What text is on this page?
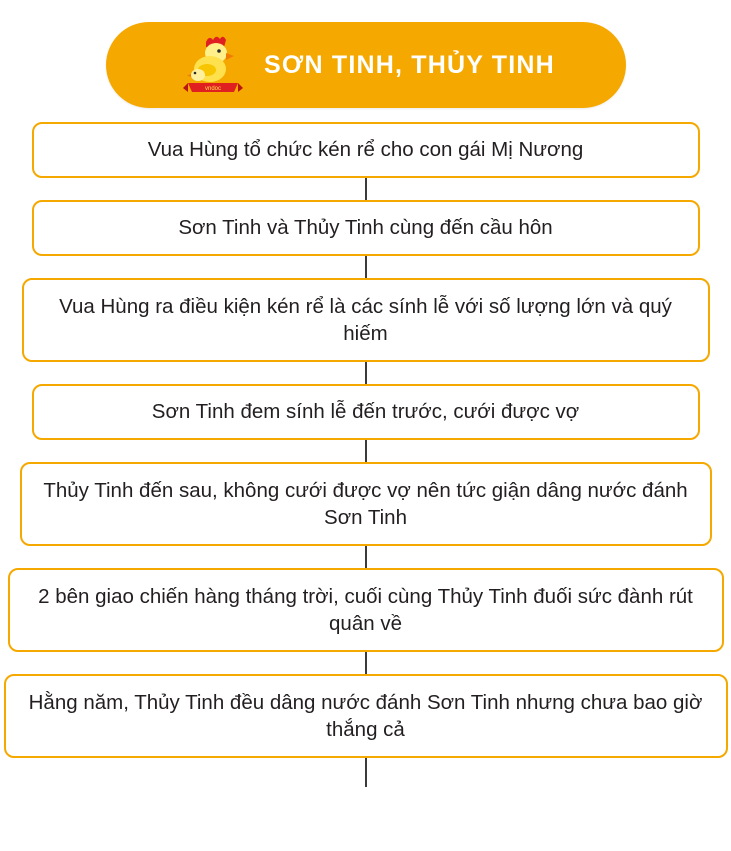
vndoc
SƠN TINH, THỦY TINH
Vua Hùng tổ chức kén rể cho con gái Mị Nương
Sơn Tinh và Thủy Tinh cùng đến cầu hôn
Vua Hùng ra điều kiện kén rể là các sính lễ với số lượng lớn và quý hiếm
Sơn Tinh đem sính lễ đến trước, cưới được vợ
Thủy Tinh đến sau, không cưới được vợ nên tức giận dâng nước đánh Sơn Tinh
2 bên giao chiến hàng tháng trời, cuối cùng Thủy Tinh đuối sức đành rút quân về
Hằng năm, Thủy Tinh đều dâng nước đánh Sơn Tinh nhưng chưa bao giờ thắng cả
